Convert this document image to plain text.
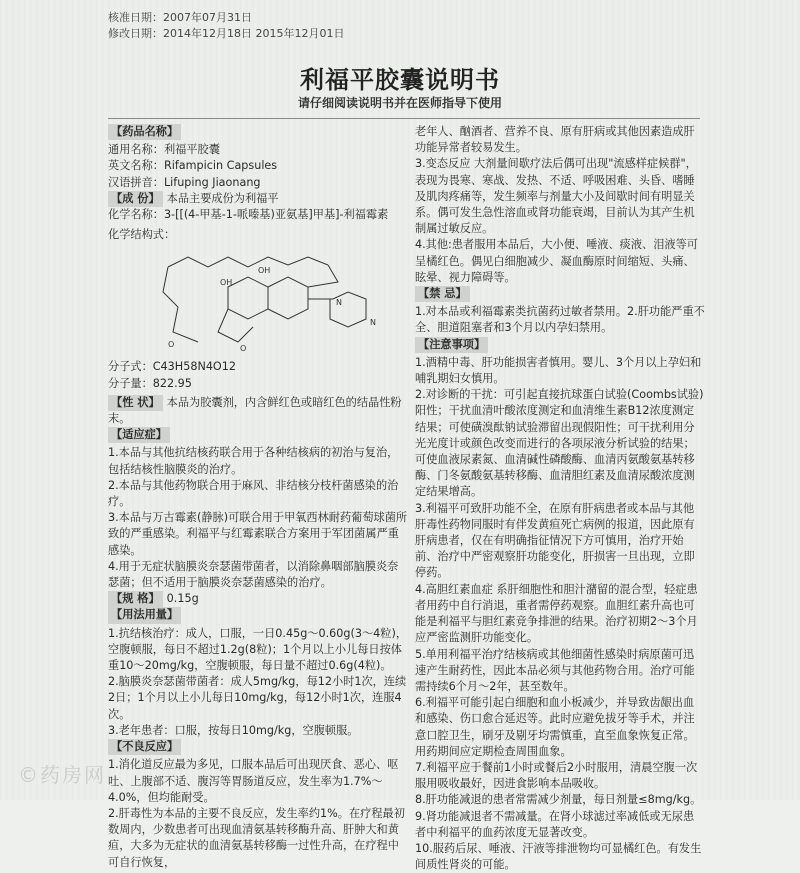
核准日期：2007年07月31日
修改日期：2014年12月18日 2015年12月01日
利福平胶囊说明书
请仔细阅读说明书并在医师指导下使用
【药品名称】

通用名称：利福平胶囊

英文名称：Rifampicin Capsules

汉语拼音：Lifuping Jiaonang

【成 份】 本品主要成份为利福平

化学名称：3-[[(4-甲基-1-哌嗪基)亚氨基]甲基]-利福霉素

化学结构式：

OH
OH
N
N
O
O

分子式：C43H58N4O12

分子量：822.95

【性 状】 本品为胶囊剂，内含鲜红色或暗红色的结晶性粉末。

【适应症】

1.本品与其他抗结核药联合用于各种结核病的初治与复治，包括结核性脑膜炎的治疗。

2.本品与其他药物联合用于麻风、非结核分枝杆菌感染的治疗。

3.本品与万古霉素(静脉)可联合用于甲氧西林耐药葡萄球菌所致的严重感染。利福平与红霉素联合方案用于军团菌属严重感染。

4.用于无症状脑膜炎奈瑟菌带菌者，以消除鼻咽部脑膜炎奈瑟菌；但不适用于脑膜炎奈瑟菌感染的治疗。

【规 格】 0.15g

【用法用量】

1.抗结核治疗：成人，口服，一日0.45g～0.60g(3～4粒)，空腹顿服，每日不超过1.2g(8粒)；1个月以上小儿每日按体重10～20mg/kg，空腹顿服，每日量不超过0.6g(4粒)。

2.脑膜炎奈瑟菌带菌者：成人5mg/kg，每12小时1次，连续2日；1个月以上小儿每日10mg/kg，每12小时1次，连服4次。

3.老年患者：口服，按每日10mg/kg，空腹顿服。

【不良反应】

1.消化道反应最为多见，口服本品后可出现厌食、恶心、呕吐、上腹部不适、腹泻等胃肠道反应，发生率为1.7%～4.0%，但均能耐受。

2.肝毒性为本品的主要不良反应，发生率约1%。在疗程最初数周内，少数患者可出现血清氨基转移酶升高、肝肿大和黄疸，大多为无症状的血清氨基转移酶一过性升高，在疗程中可自行恢复，

老年人、酗酒者、营养不良、原有肝病或其他因素造成肝功能异常者较易发生。

3.变态反应 大剂量间歇疗法后偶可出现"流感样症候群"，表现为畏寒、寒战、发热、不适、呼吸困难、头昏、嗜睡及肌肉疼痛等，发生频率与剂量大小及间歇时间有明显关系。偶可发生急性溶血或肾功能衰竭，目前认为其产生机制属过敏反应。

4.其他:患者服用本品后，大小便、唾液、痰液、泪液等可呈橘红色。偶见白细胞减少、凝血酶原时间缩短、头痛、眩晕、视力障碍等。

【禁 忌】

1.对本品或利福霉素类抗菌药过敏者禁用。2.肝功能严重不全、胆道阻塞者和3个月以内孕妇禁用。

【注意事项】

1.酒精中毒、肝功能损害者慎用。婴儿、3个月以上孕妇和哺乳期妇女慎用。

2.对诊断的干扰：可引起直接抗球蛋白试验(Coombs试验)阳性；干扰血清叶酸浓度测定和血清维生素B12浓度测定结果；可使磺溴酞钠试验滞留出现假阳性；可干扰利用分光光度计或颜色改变而进行的各项尿液分析试验的结果；可使血液尿素氮、血清碱性磷酸酶、血清丙氨酸氨基转移酶、门冬氨酸氨基转移酶、血清胆红素及血清尿酸浓度测定结果增高。

3.利福平可致肝功能不全，在原有肝病患者或本品与其他肝毒性药物同服时有伴发黄疸死亡病例的报道，因此原有肝病患者，仅在有明确指征情况下方可慎用，治疗开始前、治疗中严密观察肝功能变化，肝损害一旦出现，立即停药。

4.高胆红素血症 系肝细胞性和胆汁潴留的混合型，轻症患者用药中自行消退，重者需停药观察。血胆红素升高也可能是利福平与胆红素竞争排泄的结果。治疗初期2～3个月应严密监测肝功能变化。

5.单用利福平治疗结核病或其他细菌性感染时病原菌可迅速产生耐药性，因此本品必须与其他药物合用。治疗可能需持续6个月～2年，甚至数年。

6.利福平可能引起白细胞和血小板减少，并导致齿龈出血和感染、伤口愈合延迟等。此时应避免拔牙等手术，并注意口腔卫生，刷牙及剔牙均需慎重，直至血象恢复正常。用药期间应定期检查周围血象。

7.利福平应于餐前1小时或餐后2小时服用，清晨空腹一次服用吸收最好，因进食影响本品吸收。

8.肝功能减退的患者常需减少剂量，每日剂量≤8mg/kg。

9.肾功能减退者不需减量。在肾小球滤过率减低或无尿患者中利福平的血药浓度无显著改变。

10.服药后尿、唾液、汗液等排泄物均可显橘红色。有发生间质性肾炎的可能。

©药房网
